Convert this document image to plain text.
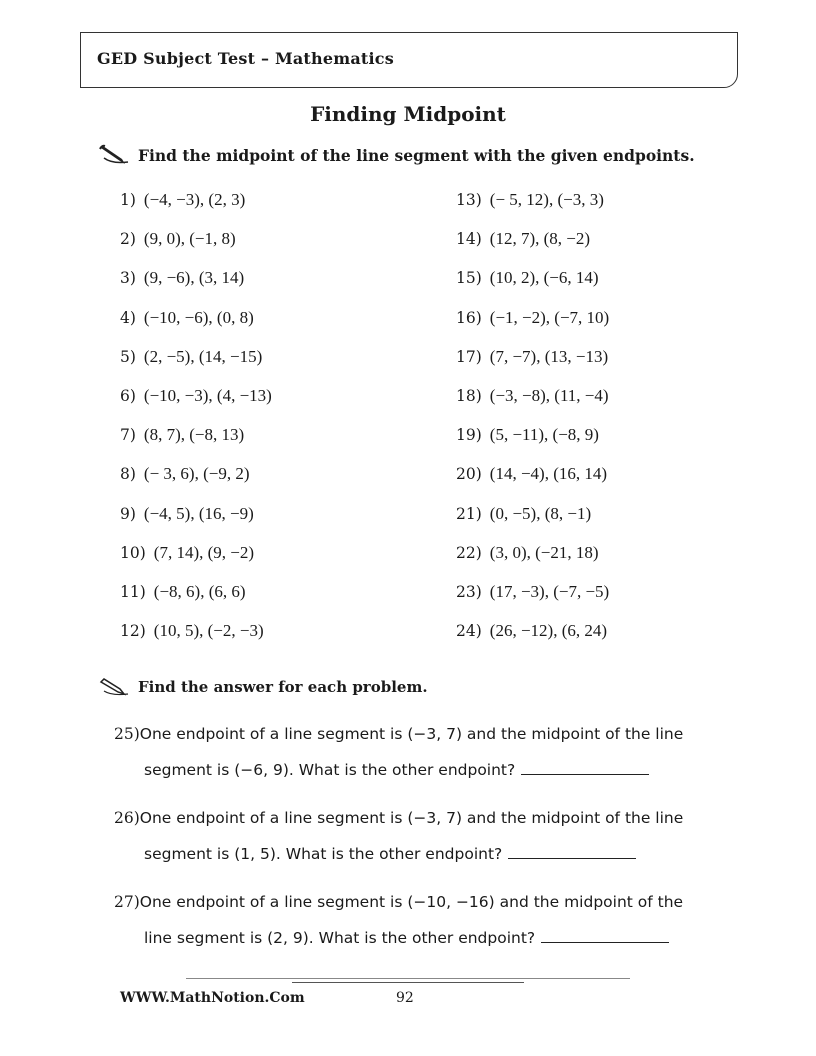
GED Subject Test – Mathematics
Finding Midpoint
Find the midpoint of the line segment with the given endpoints.
1) (−4, −3), (2, 3)
2) (9, 0), (−1, 8)
3) (9, −6), (3, 14)
4) (−10, −6), (0, 8)
5) (2, −5), (14, −15)
6) (−10, −3), (4, −13)
7) (8, 7), (−8, 13)
8) (− 3, 6), (−9, 2)
9) (−4, 5), (16, −9)
10) (7, 14), (9, −2)
11) (−8, 6), (6, 6)
12) (10, 5), (−2, −3)
13) (− 5, 12), (−3, 3)
14) (12, 7), (8, −2)
15) (10, 2), (−6, 14)
16) (−1, −2), (−7, 10)
17) (7, −7), (13, −13)
18) (−3, −8), (11, −4)
19) (5, −11), (−8, 9)
20) (14, −4), (16, 14)
21) (0, −5), (8, −1)
22) (3, 0), (−21, 18)
23) (17, −3), (−7, −5)
24) (26, −12), (6, 24)
Find the answer for each problem.
25)One endpoint of a line segment is (−3, 7) and the midpoint of the line
segment is (−6, 9). What is the other endpoint?
26)One endpoint of a line segment is (−3, 7) and the midpoint of the line
segment is (1, 5). What is the other endpoint?
27)One endpoint of a line segment is (−10, −16) and the midpoint of the
line segment is (2, 9). What is the other endpoint?
WWW.MathNotion.Com	92
